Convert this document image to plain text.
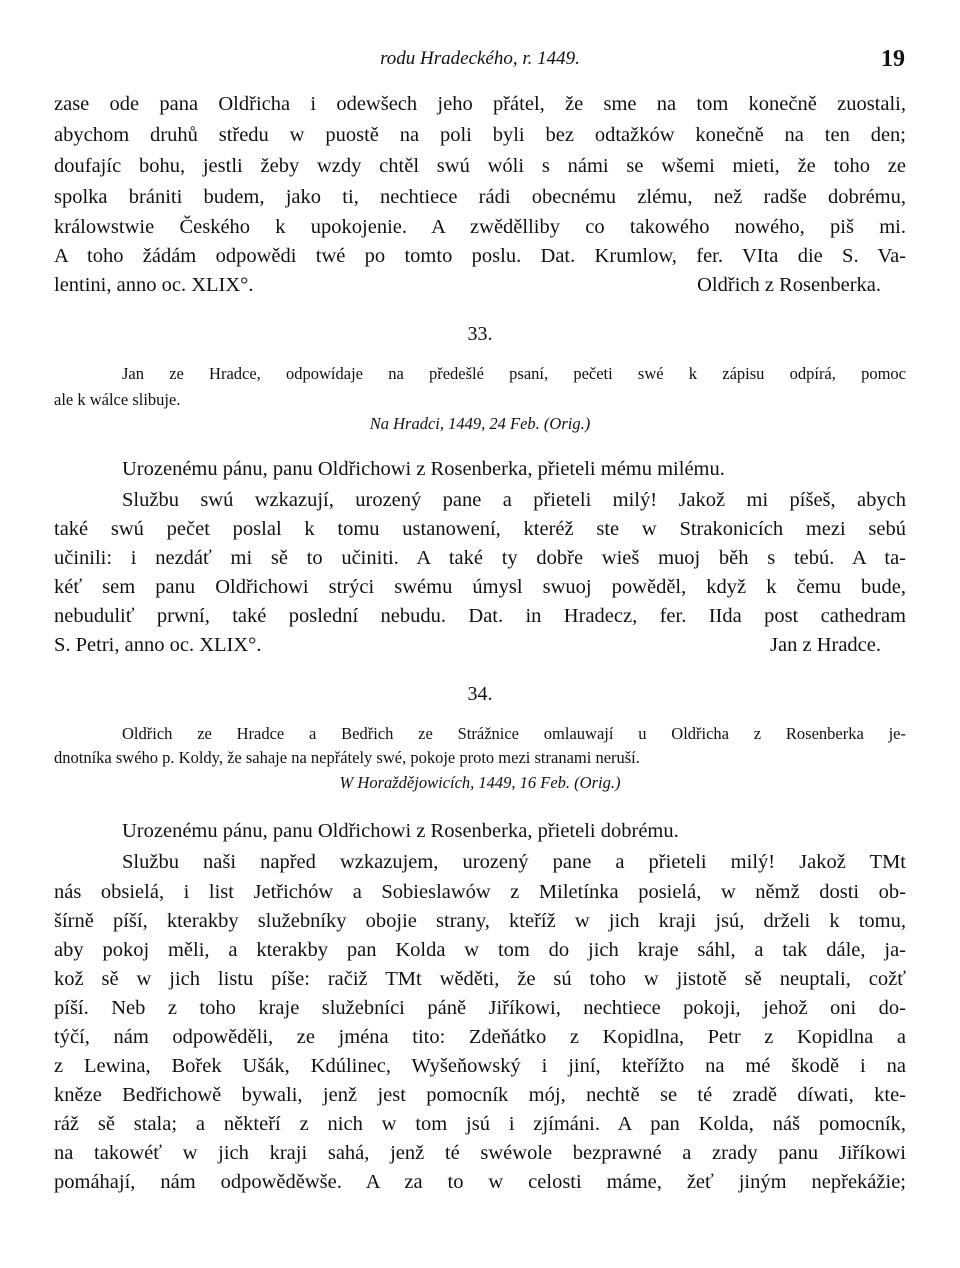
rodu Hradeckého, r. 1449.	19
zase ode pana Oldřicha i odewšech jeho přátel, že sme na tom konečně zuostali,
abychom druhů středu w puostě na poli byli bez odtažków konečně na ten den;
doufajíc bohu, jestli žeby wzdy chtěl swú wóli s námi se wšemi mieti, že toho ze
spolka brániti budem, jako ti, nechtiece rádi obecnému zlému, než radše dobrému,
králowstwie Českého k upokojenie. A zwědělliby co takowého nowého, piš mi.
A toho žádám odpowědi twé po tomto poslu. Dat. Krumlow, fer. VIta die S. Va-
lentini, anno oc. XLIX°.	Oldřich z Rosenberka.
33.
Jan ze Hradce, odpowídaje na předešlé psaní, pečeti swé k zápisu odpírá, pomoc
ale k wálce slibuje.
Na Hradci, 1449, 24 Feb. (Orig.)
Urozenému pánu, panu Oldřichowi z Rosenberka, přieteli mému milému.
Službu swú wzkazují, urozený pane a přieteli milý! Jakož mi píšeš, abych
také swú pečet poslal k tomu ustanowení, kteréž ste w Strakonicích mezi sebú
učinili: i nezdáť mi sě to učiniti. A také ty dobře wieš muoj běh s tebú. A ta-
kéť sem panu Oldřichowi strýci swému úmysl swuoj powěděl, když k čemu bude,
nebuduliť prwní, také poslední nebudu. Dat. in Hradecz, fer. IIda post cathedram
S. Petri, anno oc. XLIX°.	Jan z Hradce.
34.
Oldřich ze Hradce a Bedřich ze Strážnice omlauwají u Oldřicha z Rosenberka je-
dnotníka swého p. Koldy, že sahaje na nepřátely swé, pokoje proto mezi stranami neruší.
W Horaždějowicích, 1449, 16 Feb. (Orig.)
Urozenému pánu, panu Oldřichowi z Rosenberka, přieteli dobrému.
Službu naši napřed wzkazujem, urozený pane a přieteli milý! Jakož TMt
nás obsielá, i list Jetřichów a Sobieslawów z Miletínka posielá, w němž dosti ob-
šírně píší, kterakby služebníky obojie strany, kteříž w jich kraji jsú, drželi k tomu,
aby pokoj měli, a kterakby pan Kolda w tom do jich kraje sáhl, a tak dále, ja-
kož sě w jich listu píše: račiž TMt wěděti, že sú toho w jistotě sě neuptali, cožť
píší. Neb z toho kraje služebníci páně Jiříkowi, nechtiece pokoji, jehož oni do-
týčí, nám odpowěděli, ze jména tito: Zdeňátko z Kopidlna, Petr z Kopidlna a
z Lewina, Bořek Ušák, Kdúlinec, Wyšeňowský i jiní, kteřížto na mé škodě i na
kněze Bedřichowě bywali, jenž jest pomocník mój, nechtě se té zradě díwati, kte-
ráž sě stala; a někteří z nich w tom jsú i zjímáni. A pan Kolda, náš pomocník,
na takowéť w jich kraji sahá, jenž té swéwole bezprawné a zrady panu Jiříkowi
pomáhají, nám odpowěděwše. A za to w celosti máme, žeť jiným nepřekážie;
